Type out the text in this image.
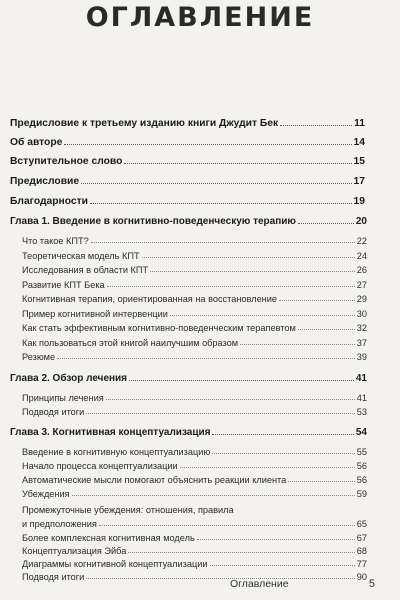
ОГЛАВЛЕНИЕ
Предисловие к третьему изданию книги Джудит Бек	11
Об авторе	14
Вступительное слово	15
Предисловие	17
Благодарности	19
Глава 1. Введение в когнитивно-поведенческую терапию	20
Что такое КПТ?	22
Теоретическая модель КПТ	24
Исследования в области КПТ	26
Развитие КПТ Бека	27
Когнитивная терапия, ориентированная на восстановление	29
Пример когнитивной интервенции	30
Как стать эффективным когнитивно-поведенческим терапевтом	32
Как пользоваться этой книгой наилучшим образом	37
Резюме	39
Глава 2. Обзор лечения	41
Принципы лечения	41
Подводя итоги	53
Глава 3. Когнитивная концептуализация	54
Введение в когнитивную концептуализацию	55
Начало процесса концептуализации	56
Автоматические мысли помогают объяснить реакции клиента	56
Убеждения	59
Промежуточные убеждения: отношения, правила
и предположения	65
Более комплексная когнитивная модель	67
Концептуализация Эйба	68
Диаграммы когнитивной концептуализации	77
Подводя итоги	90
Оглавление	5
